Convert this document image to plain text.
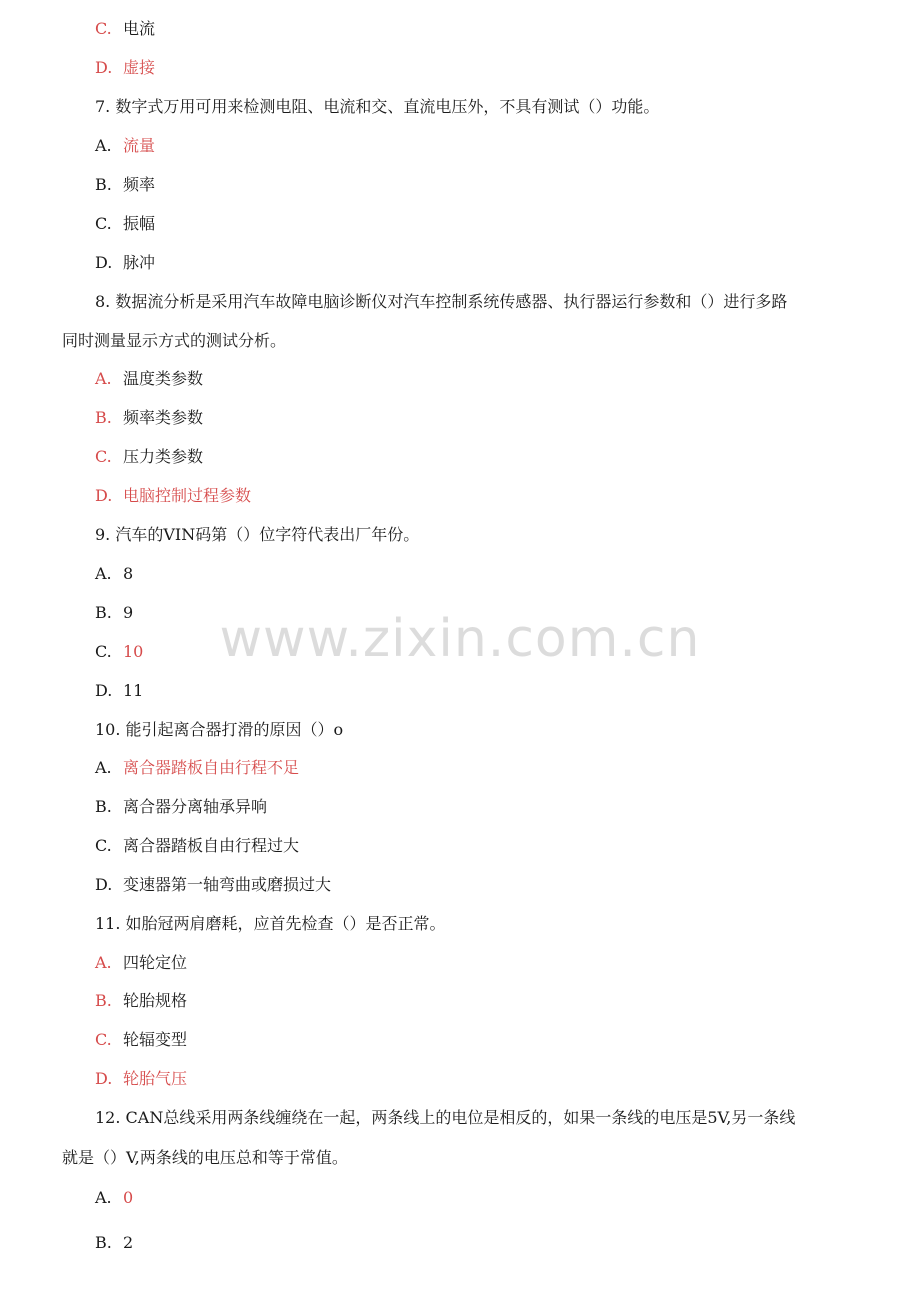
www.zixin.com.cn
C. 电流
D. 虚接
7. 数字式万用可用来检测电阻、电流和交、直流电压外，不具有测试（）功能。
A. 流量
B. 频率
C. 振幅
D. 脉冲
8. 数据流分析是采用汽车故障电脑诊断仪对汽车控制系统传感器、执行器运行参数和（）进行多路
同时测量显示方式的测试分析。
A. 温度类参数
B. 频率类参数
C. 压力类参数
D. 电脑控制过程参数
9. 汽车的VIN码第（）位字符代表出厂年份。
A. 8
B. 9
C. 10
D. 11
10. 能引起离合器打滑的原因（）o
A. 离合器踏板自由行程不足
B. 离合器分离轴承异响
C. 离合器踏板自由行程过大
D. 变速器第一轴弯曲或磨损过大
11. 如胎冠两肩磨耗，应首先检查（）是否正常。
A. 四轮定位
B. 轮胎规格
C. 轮辐变型
D. 轮胎气压
12. CAN总线采用两条线缠绕在一起，两条线上的电位是相反的，如果一条线的电压是5V,另一条线
就是（）V,两条线的电压总和等于常值。
A. 0
B. 2
